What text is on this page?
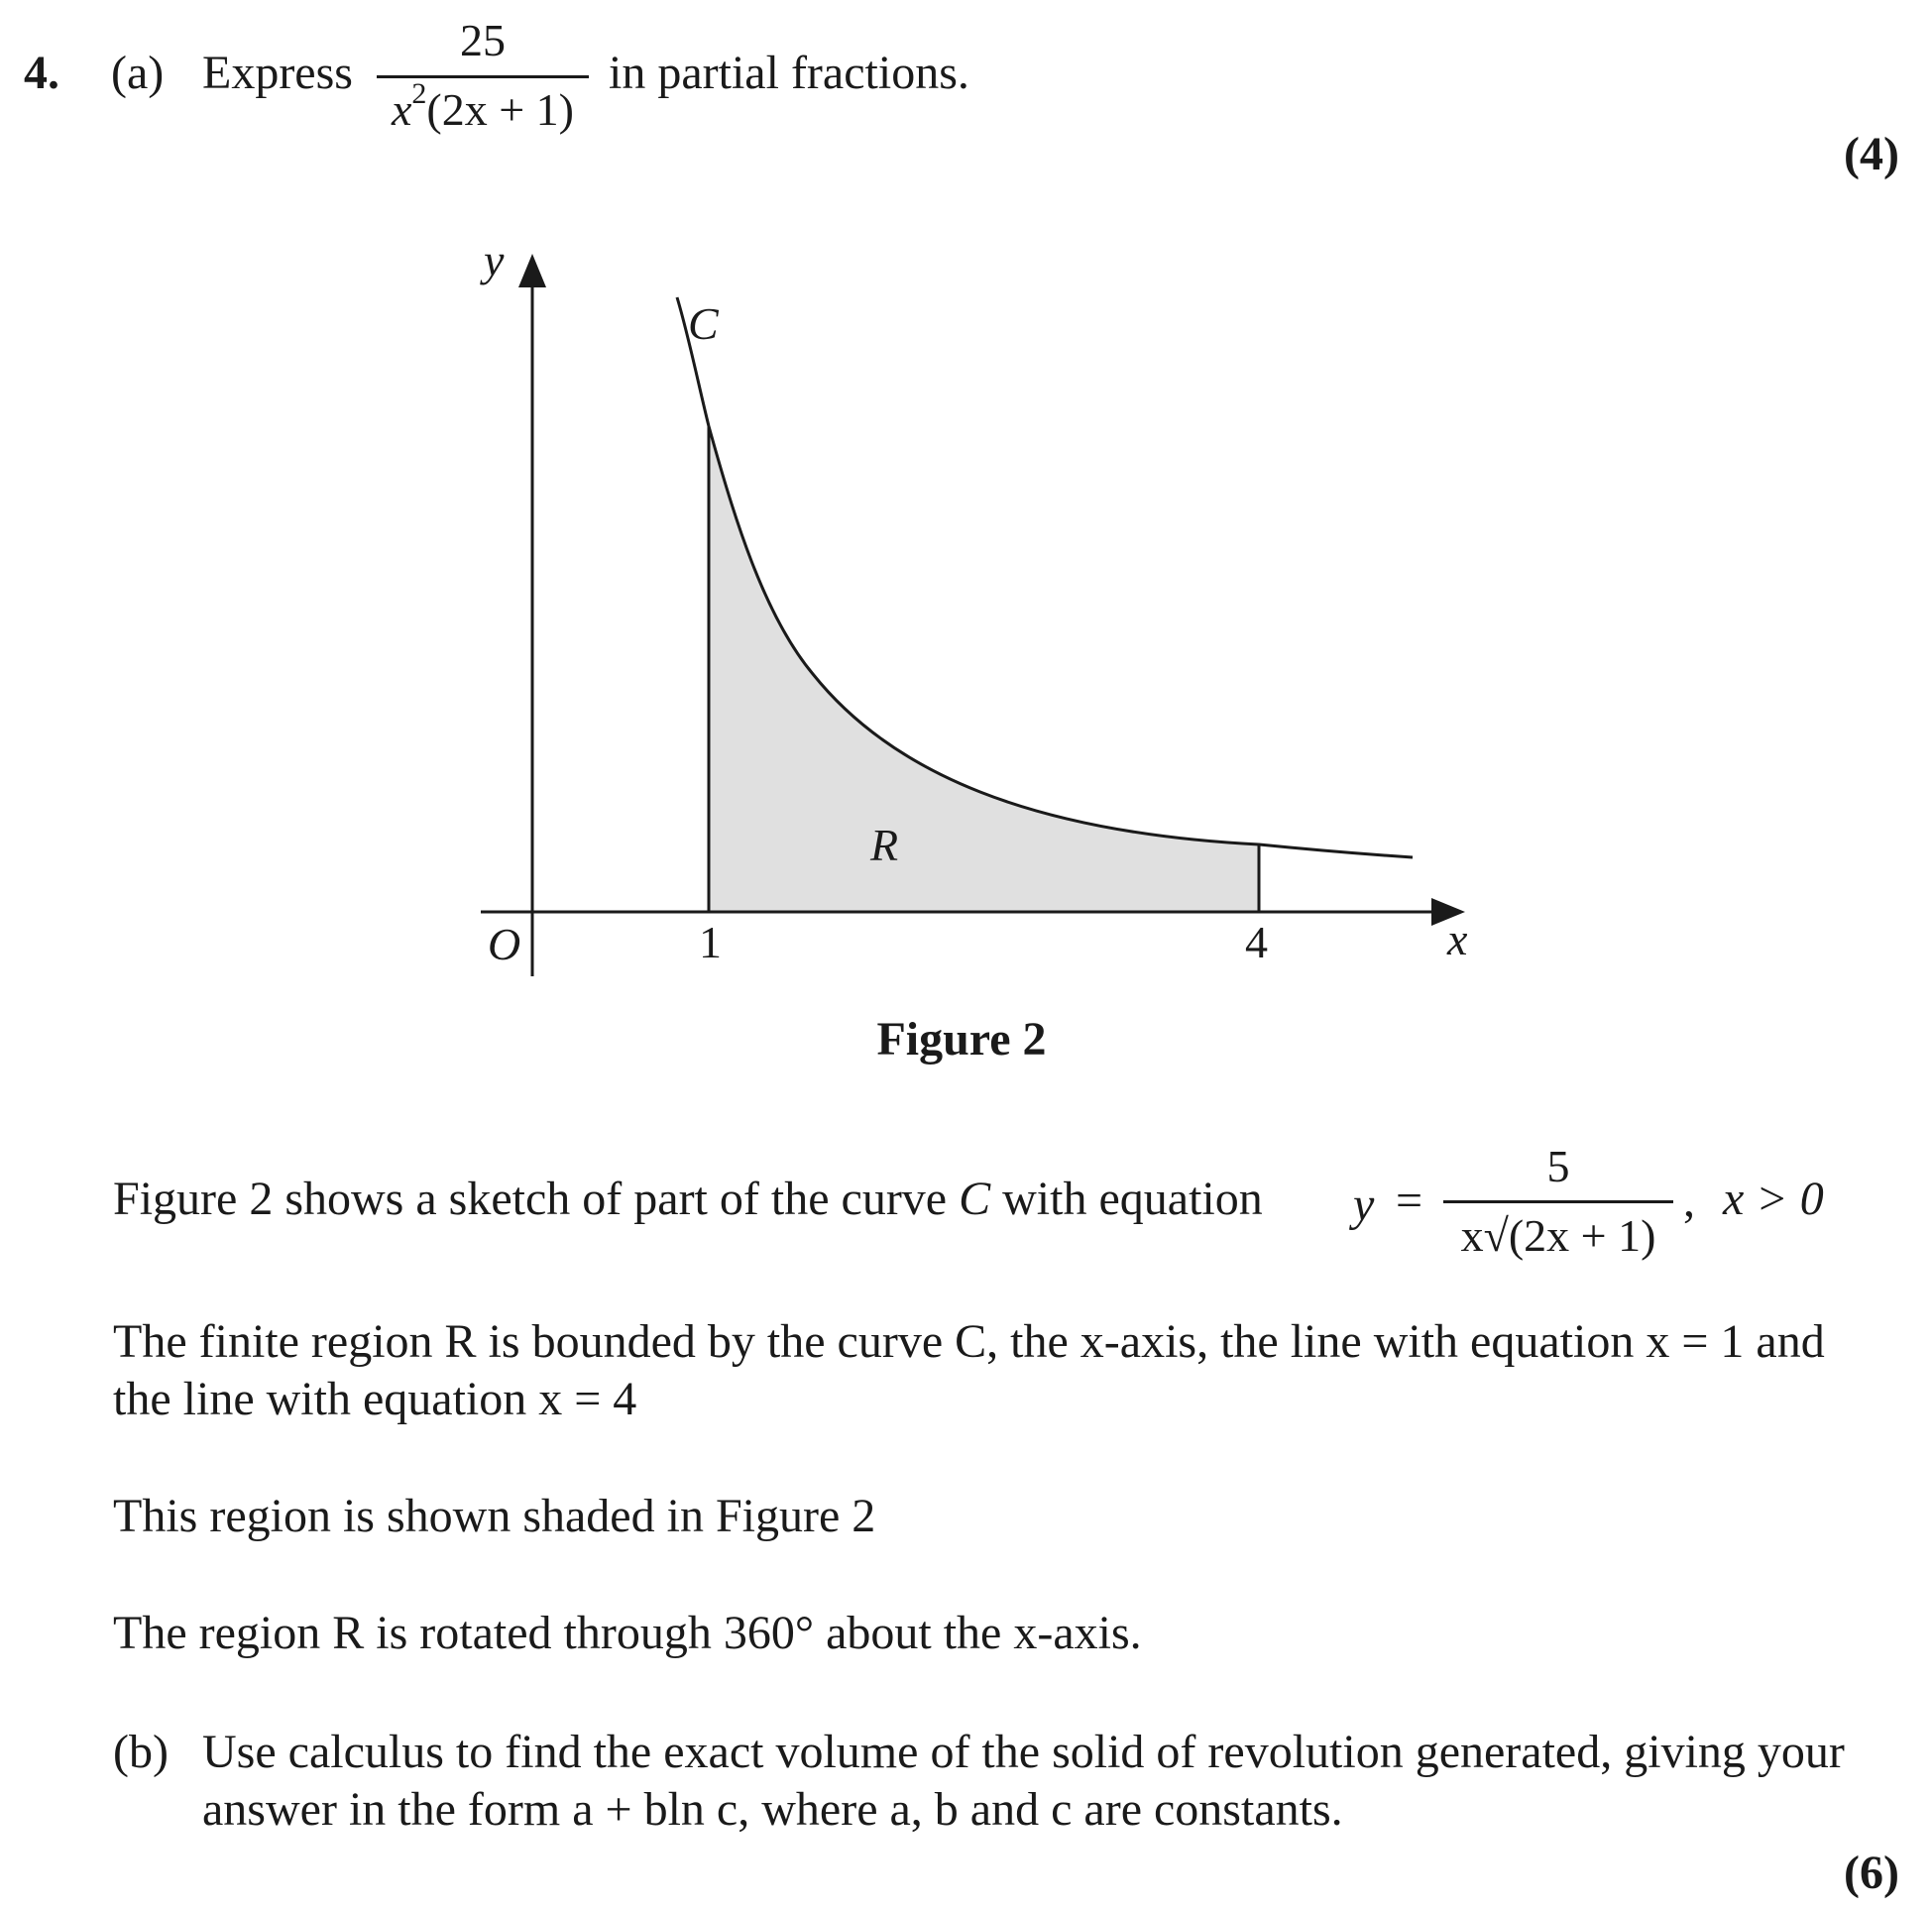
4. (a) Express
25
$x^2(2x + 1)$
in partial fractions.
(4)
y
x
O
C
R
1	4
Figure 2
Figure 2 shows a sketch of part of the curve C with equation y =
5
x√(2x + 1)
, x > 0
The finite region R is bounded by the curve C, the x-axis, the line with equation x = 1 and
the line with equation x = 4
This region is shown shaded in Figure 2
The region R is rotated through 360° about the x-axis.
(b) Use calculus to find the exact volume of the solid of revolution generated, giving your
answer in the form a + bln c, where a, b and c are constants.
(6)
